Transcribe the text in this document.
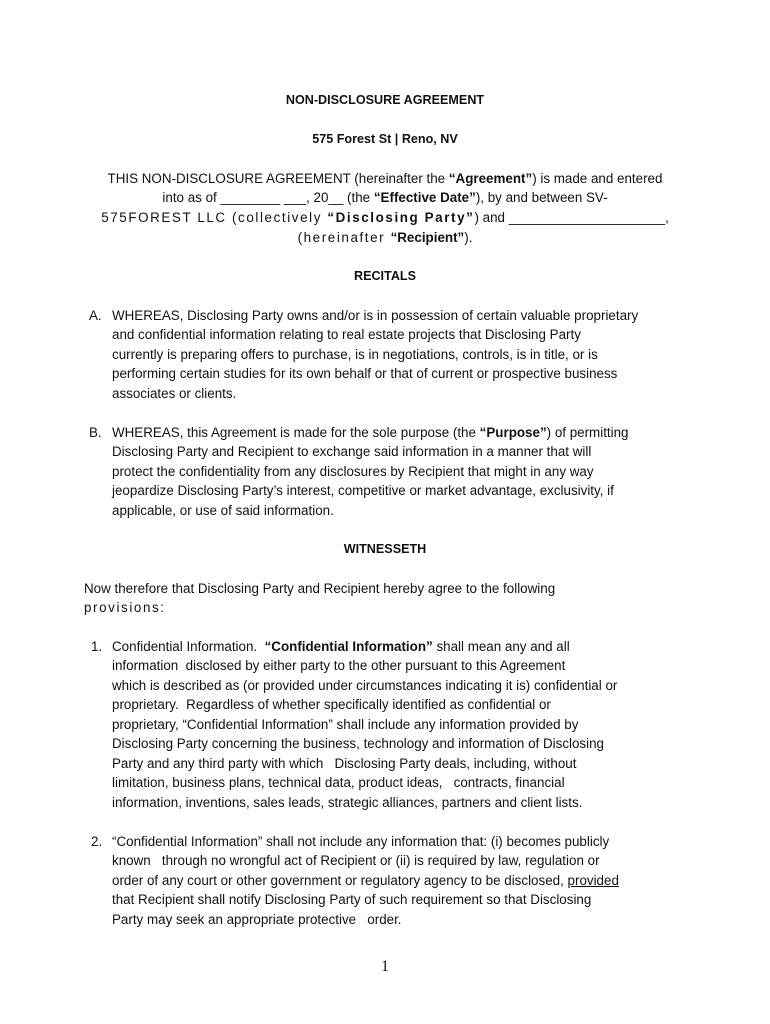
NON-DISCLOSURE AGREEMENT
575 Forest St | Reno, NV
THIS NON-DISCLOSURE AGREEMENT (hereinafter the “Agreement”) is made and entered
into as of ________ ___, 20__ (the “Effective Date”), by and between SV-
575FOREST LLC (collectively “Disclosing Party”) and _____________________,
(hereinafter “Recipient”).
RECITALS
A. WHEREAS, Disclosing Party owns and/or is in possession of certain valuable proprietary
and confidential information relating to real estate projects that Disclosing Party
currently is preparing offers to purchase, is in negotiations, controls, is in title, or is
performing certain studies for its own behalf or that of current or prospective business
associates or clients.
B. WHEREAS, this Agreement is made for the sole purpose (the “Purpose”) of permitting
Disclosing Party and Recipient to exchange said information in a manner that will
protect the confidentiality from any disclosures by Recipient that might in any way
jeopardize Disclosing Party’s interest, competitive or market advantage, exclusivity, if
applicable, or use of said information.
WITNESSETH
Now therefore that Disclosing Party and Recipient hereby agree to the following
provisions:
1. Confidential Information.  “Confidential Information” shall mean any and all
information  disclosed by either party to the other pursuant to this Agreement
which is described as (or provided under circumstances indicating it is) confidential or
proprietary.  Regardless of whether specifically identified as confidential or
proprietary, “Confidential Information” shall include any information provided by
Disclosing Party concerning the business, technology and information of Disclosing
Party and any third party with which   Disclosing Party deals, including, without
limitation, business plans, technical data, product ideas,   contracts, financial
information, inventions, sales leads, strategic alliances, partners and client lists.
2. “Confidential Information” shall not include any information that: (i) becomes publicly
known   through no wrongful act of Recipient or (ii) is required by law, regulation or
order of any court or other government or regulatory agency to be disclosed, provided
that Recipient shall notify Disclosing Party of such requirement so that Disclosing
Party may seek an appropriate protective   order.
1
